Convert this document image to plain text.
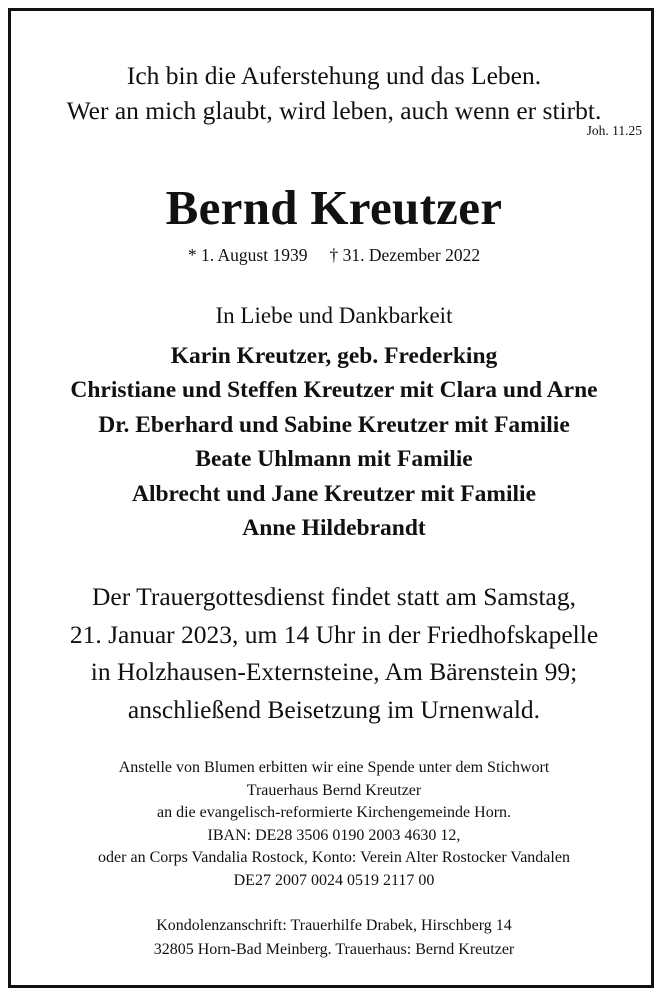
Ich bin die Auferstehung und das Leben.
Wer an mich glaubt, wird leben, auch wenn er stirbt.
Joh. 11.25
Bernd Kreutzer
* 1. August 1939 † 31. Dezember 2022
In Liebe und Dankbarkeit
Karin Kreutzer, geb. Frederking
Christiane und Steffen Kreutzer mit Clara und Arne
Dr. Eberhard und Sabine Kreutzer mit Familie
Beate Uhlmann mit Familie
Albrecht und Jane Kreutzer mit Familie
Anne Hildebrandt
Der Trauergottesdienst findet statt am Samstag,
21. Januar 2023, um 14 Uhr in der Friedhofskapelle
in Holzhausen-Externsteine, Am Bärenstein 99;
anschließend Beisetzung im Urnenwald.
Anstelle von Blumen erbitten wir eine Spende unter dem Stichwort
Trauerhaus Bernd Kreutzer
an die evangelisch-reformierte Kirchengemeinde Horn.
IBAN: DE28 3506 0190 2003 4630 12,
oder an Corps Vandalia Rostock, Konto: Verein Alter Rostocker Vandalen
DE27 2007 0024 0519 2117 00
Kondolenzanschrift: Trauerhilfe Drabek, Hirschberg 14
32805 Horn-Bad Meinberg. Trauerhaus: Bernd Kreutzer
